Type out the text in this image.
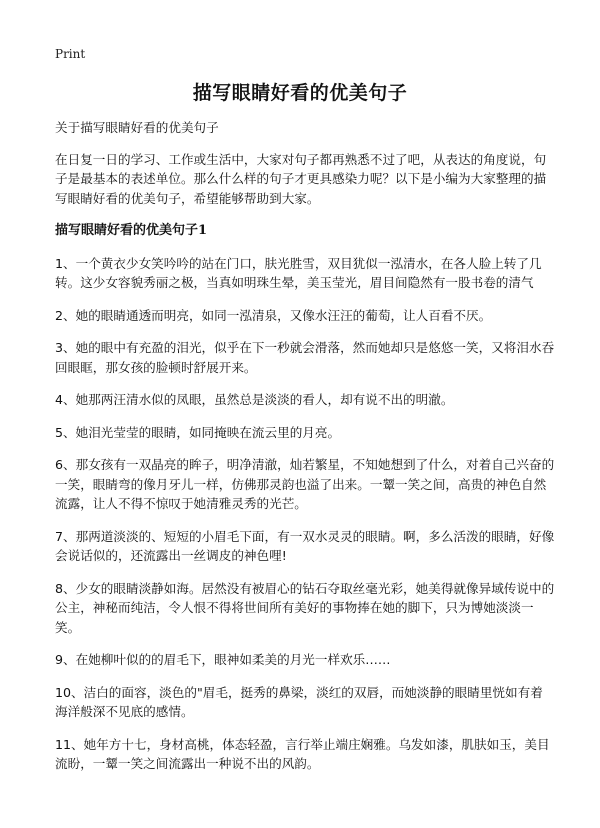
Print
描写眼睛好看的优美句子

关于描写眼睛好看的优美句子

在日复一日的学习、工作或生活中，大家对句子都再熟悉不过了吧，从表达的角度说，句子是最基本的表述单位。那么什么样的句子才更具感染力呢？以下是小编为大家整理的描写眼睛好看的优美句子，希望能够帮助到大家。

描写眼睛好看的优美句子1

1、一个黄衣少女笑吟吟的站在门口，肤光胜雪，双目犹似一泓清水，在各人脸上转了几转。这少女容貌秀丽之极，当真如明珠生晕，美玉莹光，眉目间隐然有一股书卷的清气

2、她的眼睛通透而明亮，如同一泓清泉，又像水汪汪的葡萄，让人百看不厌。

3、她的眼中有充盈的泪光，似乎在下一秒就会滑落，然而她却只是悠悠一笑，又将泪水吞回眼眶，那女孩的脸顿时舒展开来。

4、她那两汪清水似的凤眼，虽然总是淡淡的看人，却有说不出的明澈。

5、她泪光莹莹的眼睛，如同掩映在流云里的月亮。

6、那女孩有一双晶亮的眸子，明净清澈，灿若繁星，不知她想到了什么，对着自己兴奋的一笑，眼睛弯的像月牙儿一样，仿佛那灵韵也溢了出来。一颦一笑之间，高贵的神色自然流露，让人不得不惊叹于她清雅灵秀的光芒。

7、那两道淡淡的、短短的小眉毛下面，有一双水灵灵的眼睛。啊，多么活泼的眼睛，好像会说话似的，还流露出一丝调皮的神色哩!

8、少女的眼睛淡静如海。居然没有被眉心的钻石夺取丝毫光彩，她美得就像异域传说中的公主，神秘而纯洁，令人恨不得将世间所有美好的事物捧在她的脚下，只为博她淡淡一笑。

9、在她柳叶似的的眉毛下，眼神如柔美的月光一样欢乐……

10、洁白的面容，淡色的"眉毛，挺秀的鼻梁，淡红的双唇，而她淡静的眼睛里恍如有着海洋般深不见底的感情。

11、她年方十七，身材高桃，体态轻盈，言行举止端庄娴雅。乌发如漆，肌肤如玉，美目流盼，一颦一笑之间流露出一种说不出的风韵。
